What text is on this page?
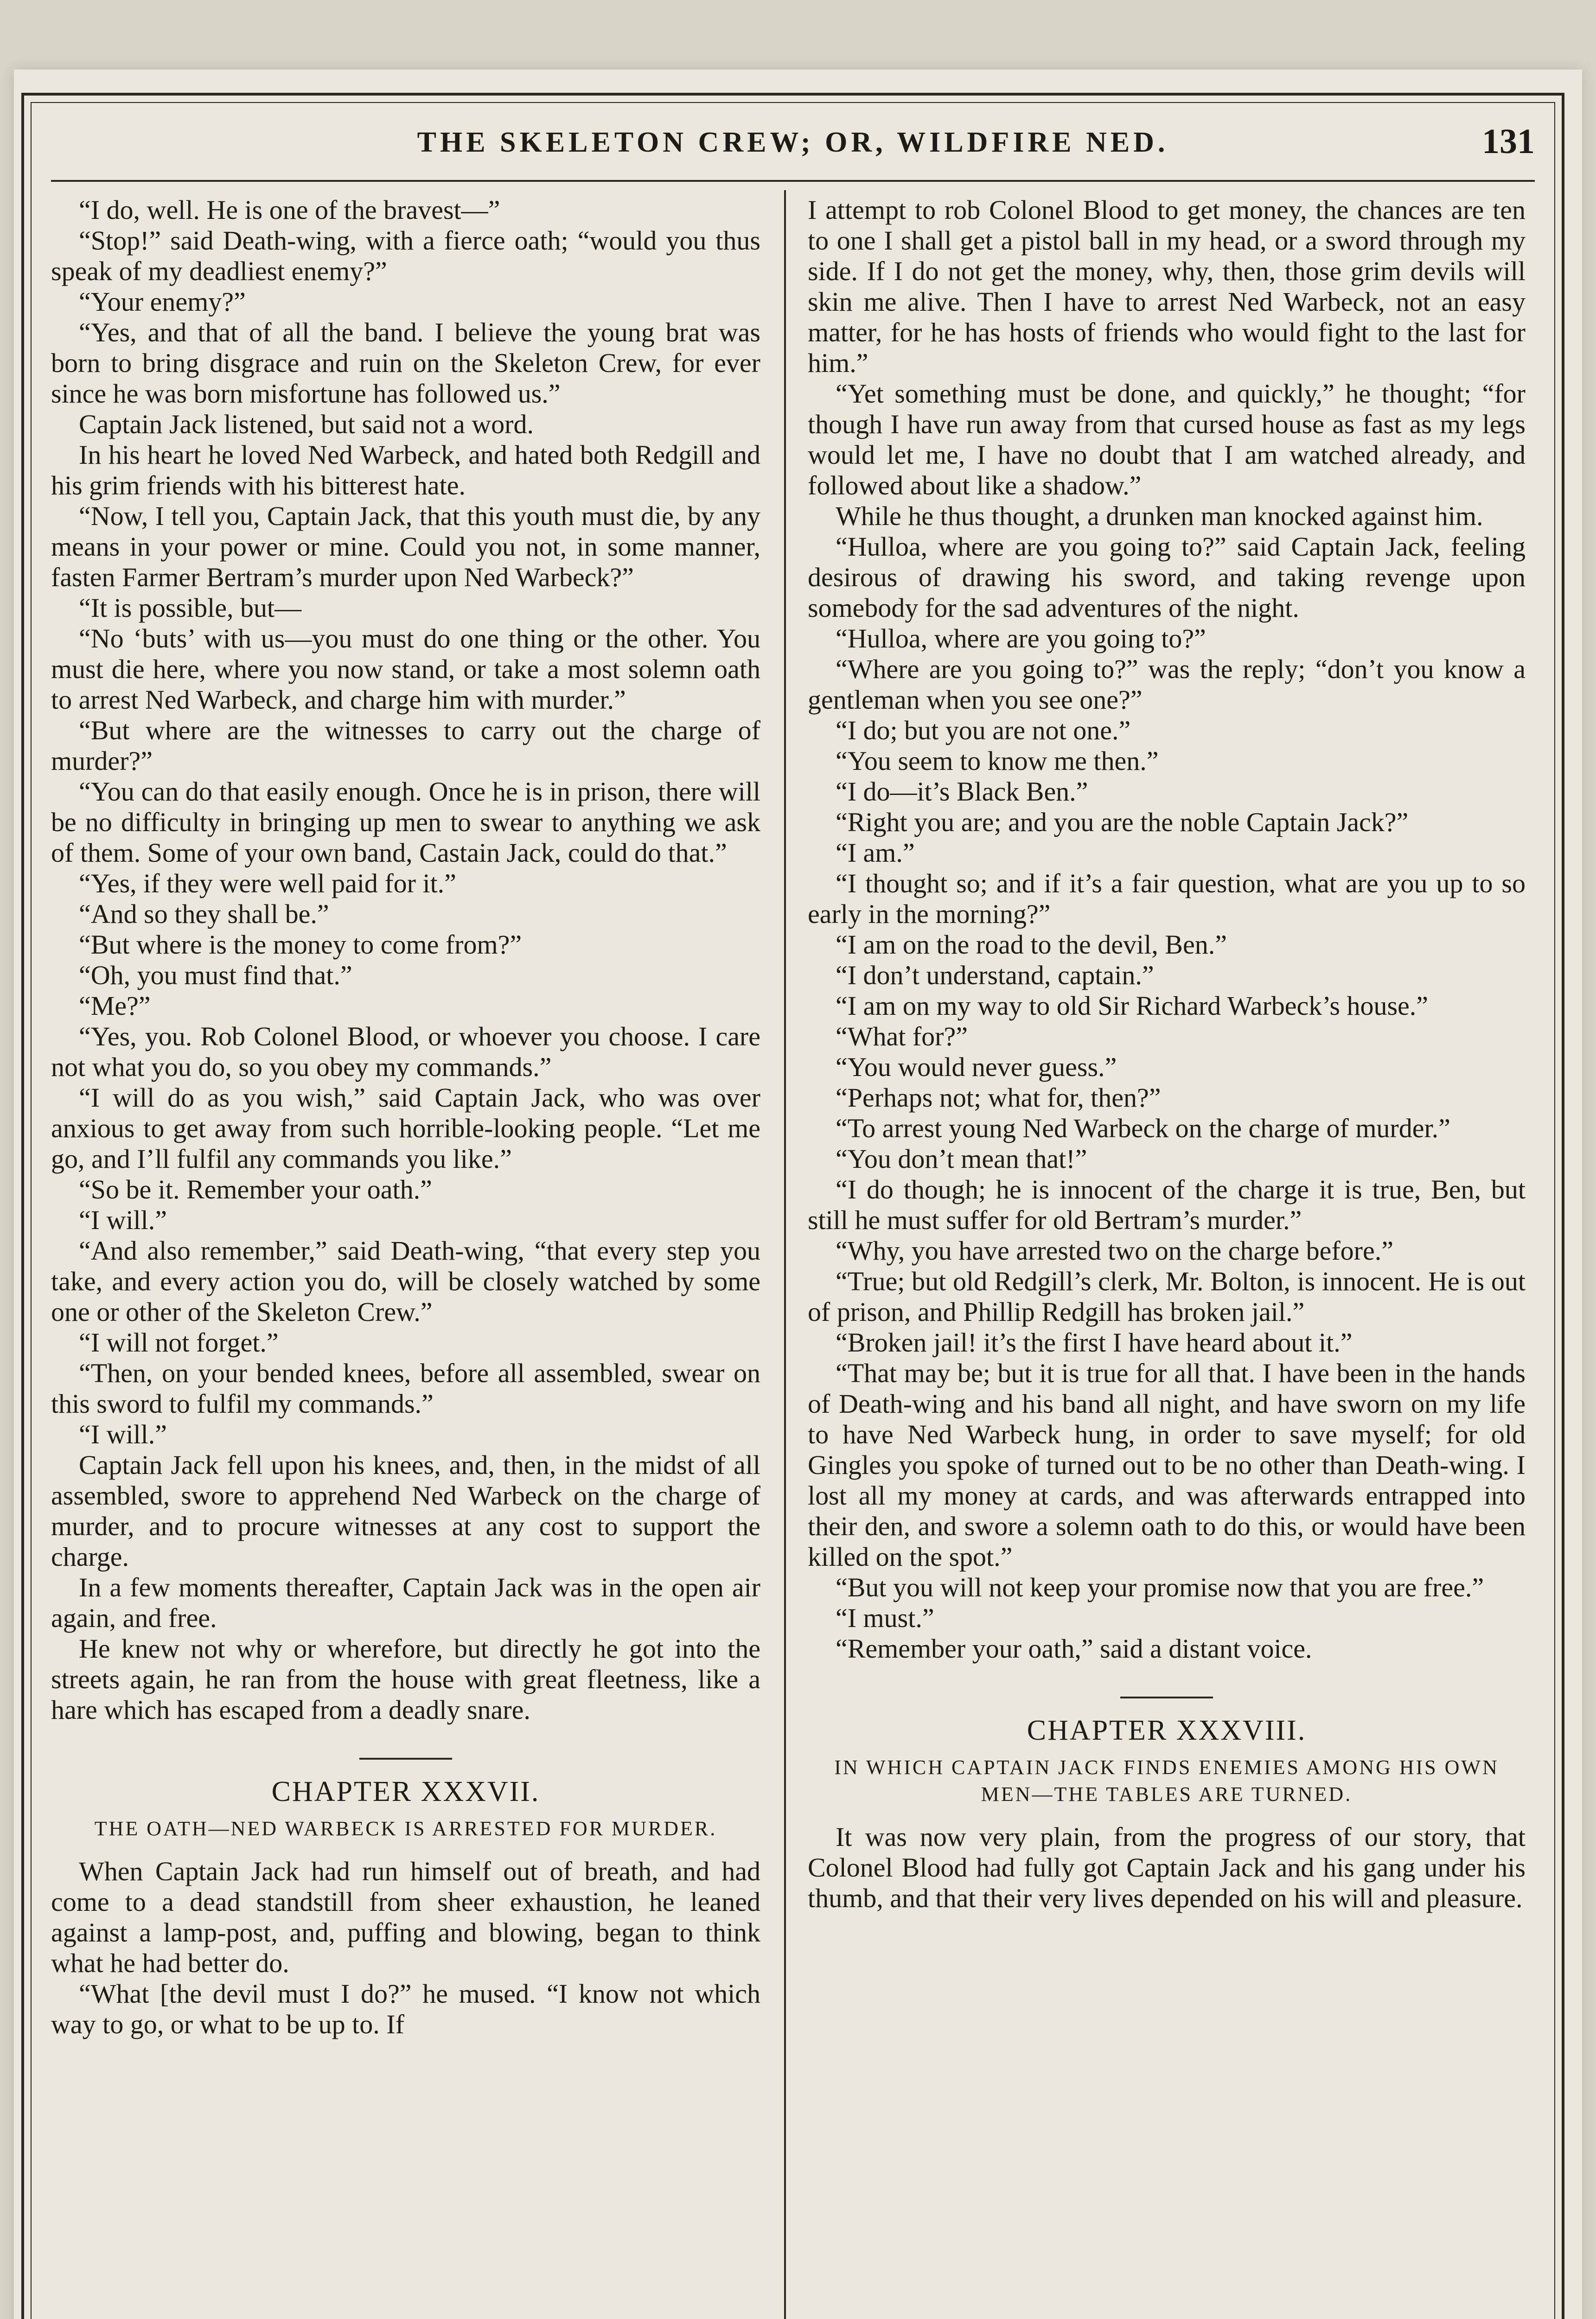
THE SKELETON CREW; OR, WILDFIRE NED.	131

“I do, well. He is one of the bravest—”

“Stop!” said Death-wing, with a fierce oath; “would you thus speak of my deadliest enemy?”

“Your enemy?”

“Yes, and that of all the band. I believe the young brat was born to bring disgrace and ruin on the Skeleton Crew, for ever since he was born misfortune has followed us.”

Captain Jack listened, but said not a word.

In his heart he loved Ned Warbeck, and hated both Redgill and his grim friends with his bitterest hate.

“Now, I tell you, Captain Jack, that this youth must die, by any means in your power or mine. Could you not, in some manner, fasten Farmer Bertram’s murder upon Ned Warbeck?”

“It is possible, but—

“No ‘buts’ with us—you must do one thing or the other. You must die here, where you now stand, or take a most solemn oath to arrest Ned Warbeck, and charge him with murder.”

“But where are the witnesses to carry out the charge of murder?”

“You can do that easily enough. Once he is in prison, there will be no difficulty in bringing up men to swear to anything we ask of them. Some of your own band, Castain Jack, could do that.”

“Yes, if they were well paid for it.”

“And so they shall be.”

“But where is the money to come from?”

“Oh, you must find that.”

“Me?”

“Yes, you. Rob Colonel Blood, or whoever you choose. I care not what you do, so you obey my commands.”

“I will do as you wish,” said Captain Jack, who was over anxious to get away from such horrible-looking people. “Let me go, and I’ll fulfil any commands you like.”

“So be it. Remember your oath.”

“I will.”

“And also remember,” said Death-wing, “that every step you take, and every action you do, will be closely watched by some one or other of the Skeleton Crew.”

“I will not forget.”

“Then, on your bended knees, before all assembled, swear on this sword to fulfil my commands.”

“I will.”

Captain Jack fell upon his knees, and, then, in the midst of all assembled, swore to apprehend Ned Warbeck on the charge of murder, and to procure witnesses at any cost to support the charge.

In a few moments thereafter, Captain Jack was in the open air again, and free.

He knew not why or wherefore, but directly he got into the streets again, he ran from the house with great fleetness, like a hare which has escaped from a deadly snare.

CHAPTER XXXVII.
THE OATH—NED WARBECK IS ARRESTED FOR MURDER.

When Captain Jack had run himself out of breath, and had come to a dead standstill from sheer exhaustion, he leaned against a lamp-post, and, puffing and blowing, began to think what he had better do.

“What [the devil must I do?” he mused. “I know not which way to go, or what to be up to. If

I attempt to rob Colonel Blood to get money, the chances are ten to one I shall get a pistol ball in my head, or a sword through my side. If I do not get the money, why, then, those grim devils will skin me alive. Then I have to arrest Ned Warbeck, not an easy matter, for he has hosts of friends who would fight to the last for him.”

“Yet something must be done, and quickly,” he thought; “for though I have run away from that cursed house as fast as my legs would let me, I have no doubt that I am watched already, and followed about like a shadow.”

While he thus thought, a drunken man knocked against him.

“Hulloa, where are you going to?” said Captain Jack, feeling desirous of drawing his sword, and taking revenge upon somebody for the sad adventures of the night.

“Hulloa, where are you going to?”

“Where are you going to?” was the reply; “don’t you know a gentleman when you see one?”

“I do; but you are not one.”

“You seem to know me then.”

“I do—it’s Black Ben.”

“Right you are; and you are the noble Captain Jack?”

“I am.”

“I thought so; and if it’s a fair question, what are you up to so early in the morning?”

“I am on the road to the devil, Ben.”

“I don’t understand, captain.”

“I am on my way to old Sir Richard Warbeck’s house.”

“What for?”

“You would never guess.”

“Perhaps not; what for, then?”

“To arrest young Ned Warbeck on the charge of murder.”

“You don’t mean that!”

“I do though; he is innocent of the charge it is true, Ben, but still he must suffer for old Bertram’s murder.”

“Why, you have arrested two on the charge before.”

“True; but old Redgill’s clerk, Mr. Bolton, is innocent. He is out of prison, and Phillip Redgill has broken jail.”

“Broken jail! it’s the first I have heard about it.”

“That may be; but it is true for all that. I have been in the hands of Death-wing and his band all night, and have sworn on my life to have Ned Warbeck hung, in order to save myself; for old Gingles you spoke of turned out to be no other than Death-wing. I lost all my money at cards, and was afterwards entrapped into their den, and swore a solemn oath to do this, or would have been killed on the spot.”

“But you will not keep your promise now that you are free.”

“I must.”

“Remember your oath,” said a distant voice.

CHAPTER XXXVIII.
IN WHICH CAPTAIN JACK FINDS ENEMIES AMONG HIS OWN MEN—THE TABLES ARE TURNED.

It was now very plain, from the progress of our story, that Colonel Blood had fully got Captain Jack and his gang under his thumb, and that their very lives depended on his will and pleasure.
